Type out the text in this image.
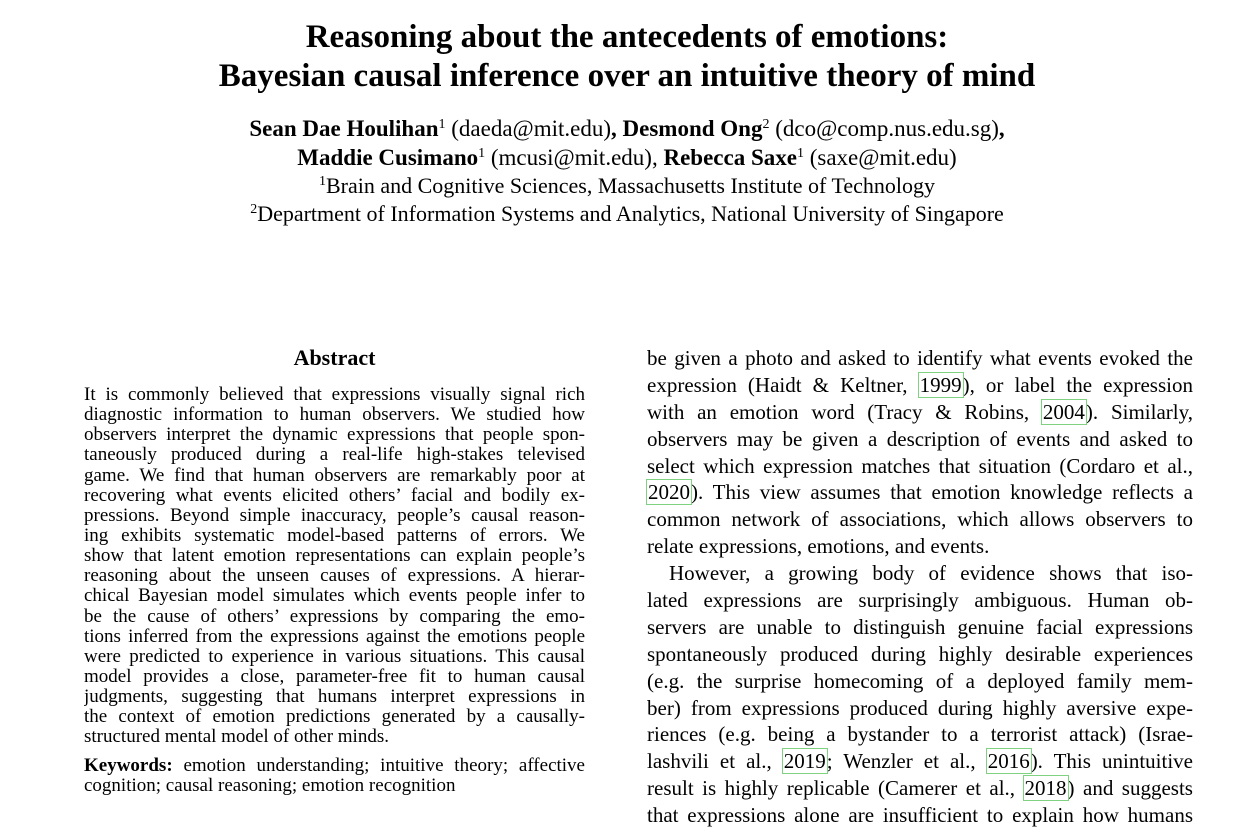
Reasoning about the antecedents of emotions:
Bayesian causal inference over an intuitive theory of mind
Sean Dae Houlihan$^1$ (daeda@mit.edu), Desmond Ong$^2$ (dco@comp.nus.edu.sg),
Maddie Cusimano$^1$ (mcusi@mit.edu), Rebecca Saxe$^1$ (saxe@mit.edu)
$^1$Brain and Cognitive Sciences, Massachusetts Institute of Technology
$^2$Department of Information Systems and Analytics, National University of Singapore
Abstract
It is commonly believed that expressions visually signal rich
diagnostic information to human observers. We studied how
observers interpret the dynamic expressions that people spon-
taneously produced during a real-life high-stakes televised
game. We find that human observers are remarkably poor at
recovering what events elicited others’ facial and bodily ex-
pressions. Beyond simple inaccuracy, people’s causal reason-
ing exhibits systematic model-based patterns of errors. We
show that latent emotion representations can explain people’s
reasoning about the unseen causes of expressions. A hierar-
chical Bayesian model simulates which events people infer to
be the cause of others’ expressions by comparing the emo-
tions inferred from the expressions against the emotions people
were predicted to experience in various situations. This causal
model provides a close, parameter-free fit to human causal
judgments, suggesting that humans interpret expressions in
the context of emotion predictions generated by a causally-
structured mental model of other minds.
Keywords: emotion understanding; intuitive theory; affective
cognition; causal reasoning; emotion recognition
be given a photo and asked to identify what events evoked the
expression (Haidt & Keltner, 1999), or label the expression
with an emotion word (Tracy & Robins, 2004). Similarly,
observers may be given a description of events and asked to
select which expression matches that situation (Cordaro et al.,
2020). This view assumes that emotion knowledge reflects a
common network of associations, which allows observers to
relate expressions, emotions, and events.
However, a growing body of evidence shows that iso-
lated expressions are surprisingly ambiguous. Human ob-
servers are unable to distinguish genuine facial expressions
spontaneously produced during highly desirable experiences
(e.g. the surprise homecoming of a deployed family mem-
ber) from expressions produced during highly aversive expe-
riences (e.g. being a bystander to a terrorist attack) (Israe-
lashvili et al., 2019; Wenzler et al., 2016). This unintuitive
result is highly replicable (Camerer et al., 2018) and suggests
that expressions alone are insufficient to explain how humans
